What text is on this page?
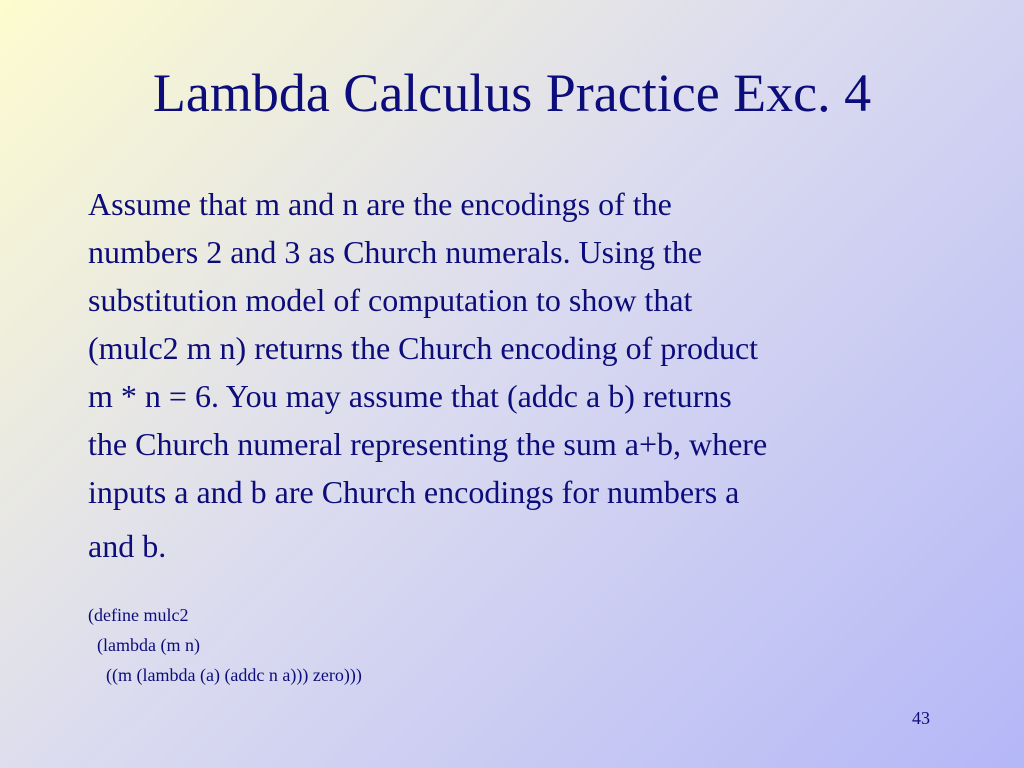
Lambda Calculus Practice Exc. 4
Assume that m and n are the encodings of the
numbers 2 and 3 as Church numerals. Using the
substitution model of computation to show that
(mulc2 m n) returns the Church encoding of product
m * n = 6. You may assume that (addc a b) returns
the Church numeral representing the sum a+b, where
inputs a and b are Church encodings for numbers a
and b.
(define mulc2
(lambda (m n)
((m (lambda (a) (addc n a))) zero)))
43
